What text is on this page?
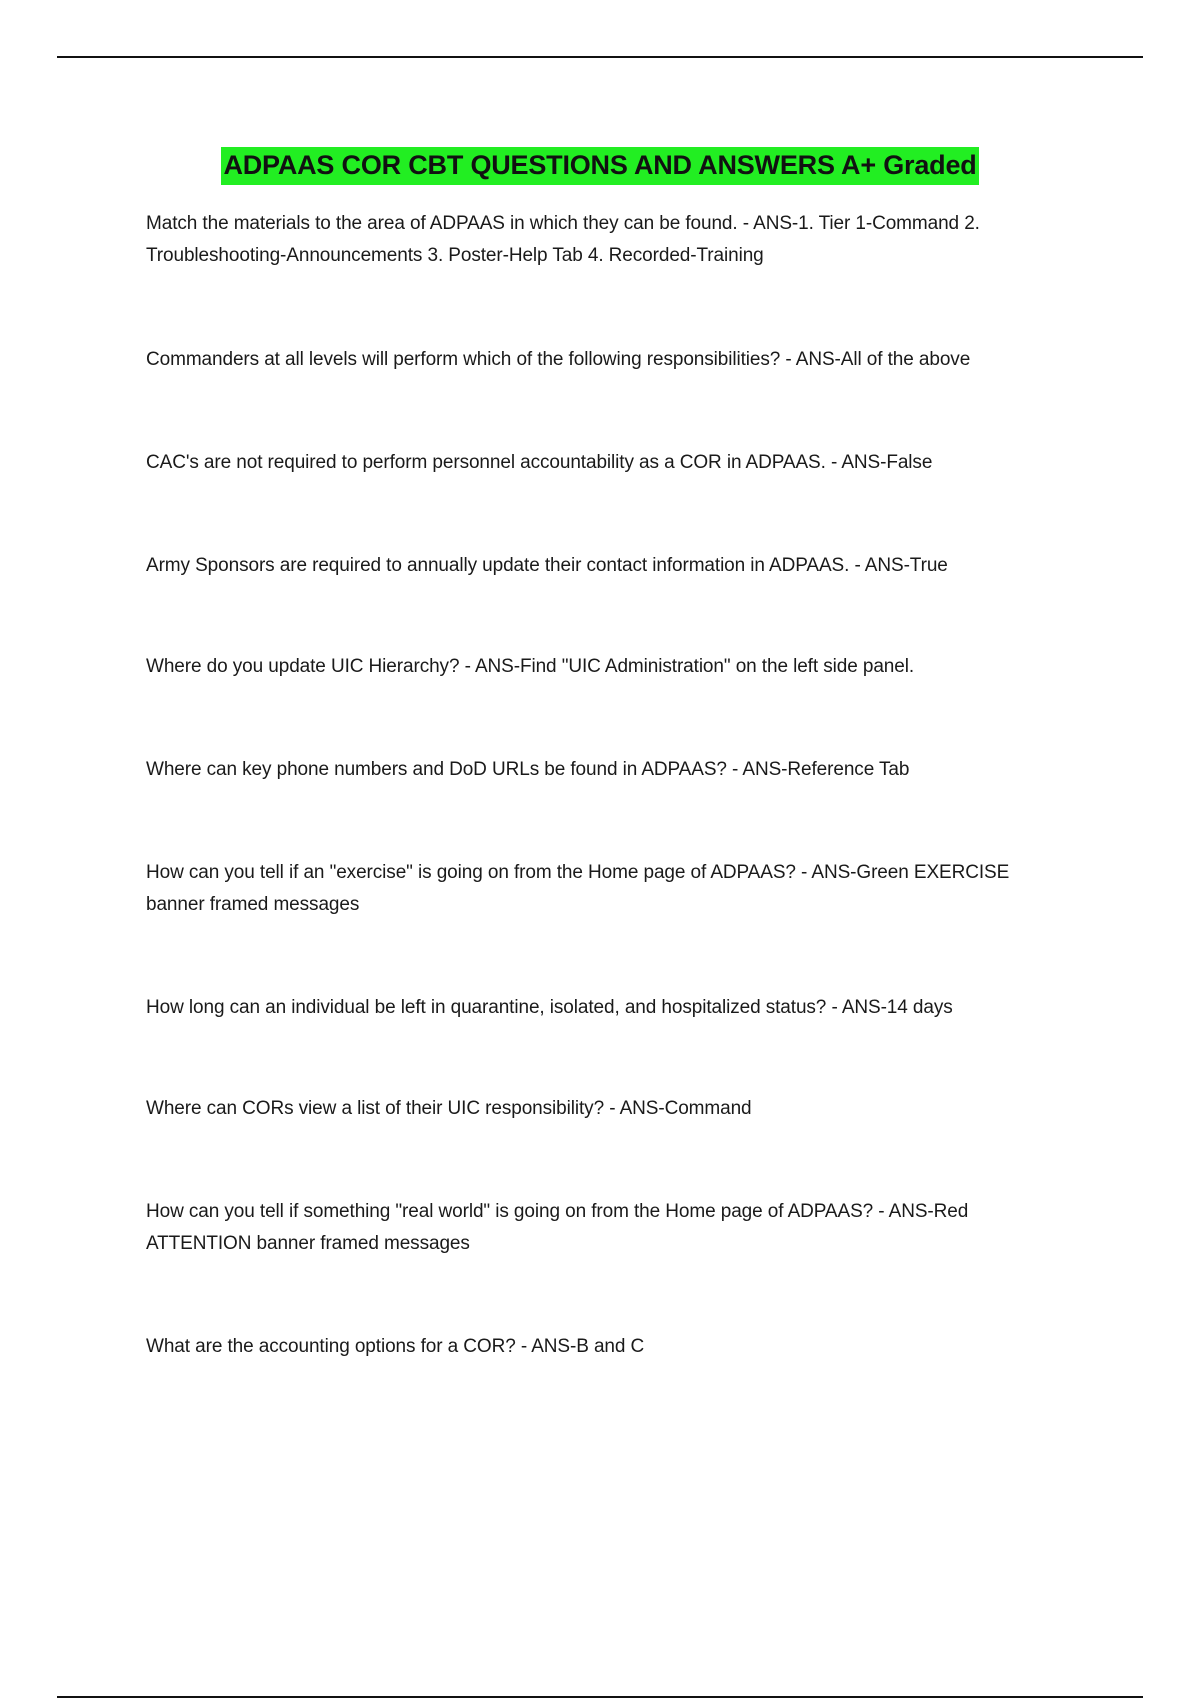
ADPAAS COR CBT QUESTIONS AND ANSWERS A+ Graded
Match the materials to the area of ADPAAS in which they can be found. - ANS-1. Tier 1-Command 2. Troubleshooting-Announcements 3. Poster-Help Tab 4. Recorded-Training
Commanders at all levels will perform which of the following responsibilities? - ANS-All of the above
CAC's are not required to perform personnel accountability as a COR in ADPAAS. - ANS-False
Army Sponsors are required to annually update their contact information in ADPAAS. - ANS-True
Where do you update UIC Hierarchy? - ANS-Find "UIC Administration" on the left side panel.
Where can key phone numbers and DoD URLs be found in ADPAAS? - ANS-Reference Tab
How can you tell if an "exercise" is going on from the Home page of ADPAAS? - ANS-Green EXERCISE banner framed messages
How long can an individual be left in quarantine, isolated, and hospitalized status? - ANS-14 days
Where can CORs view a list of their UIC responsibility? - ANS-Command
How can you tell if something "real world" is going on from the Home page of ADPAAS? - ANS-Red ATTENTION banner framed messages
What are the accounting options for a COR? - ANS-B and C
